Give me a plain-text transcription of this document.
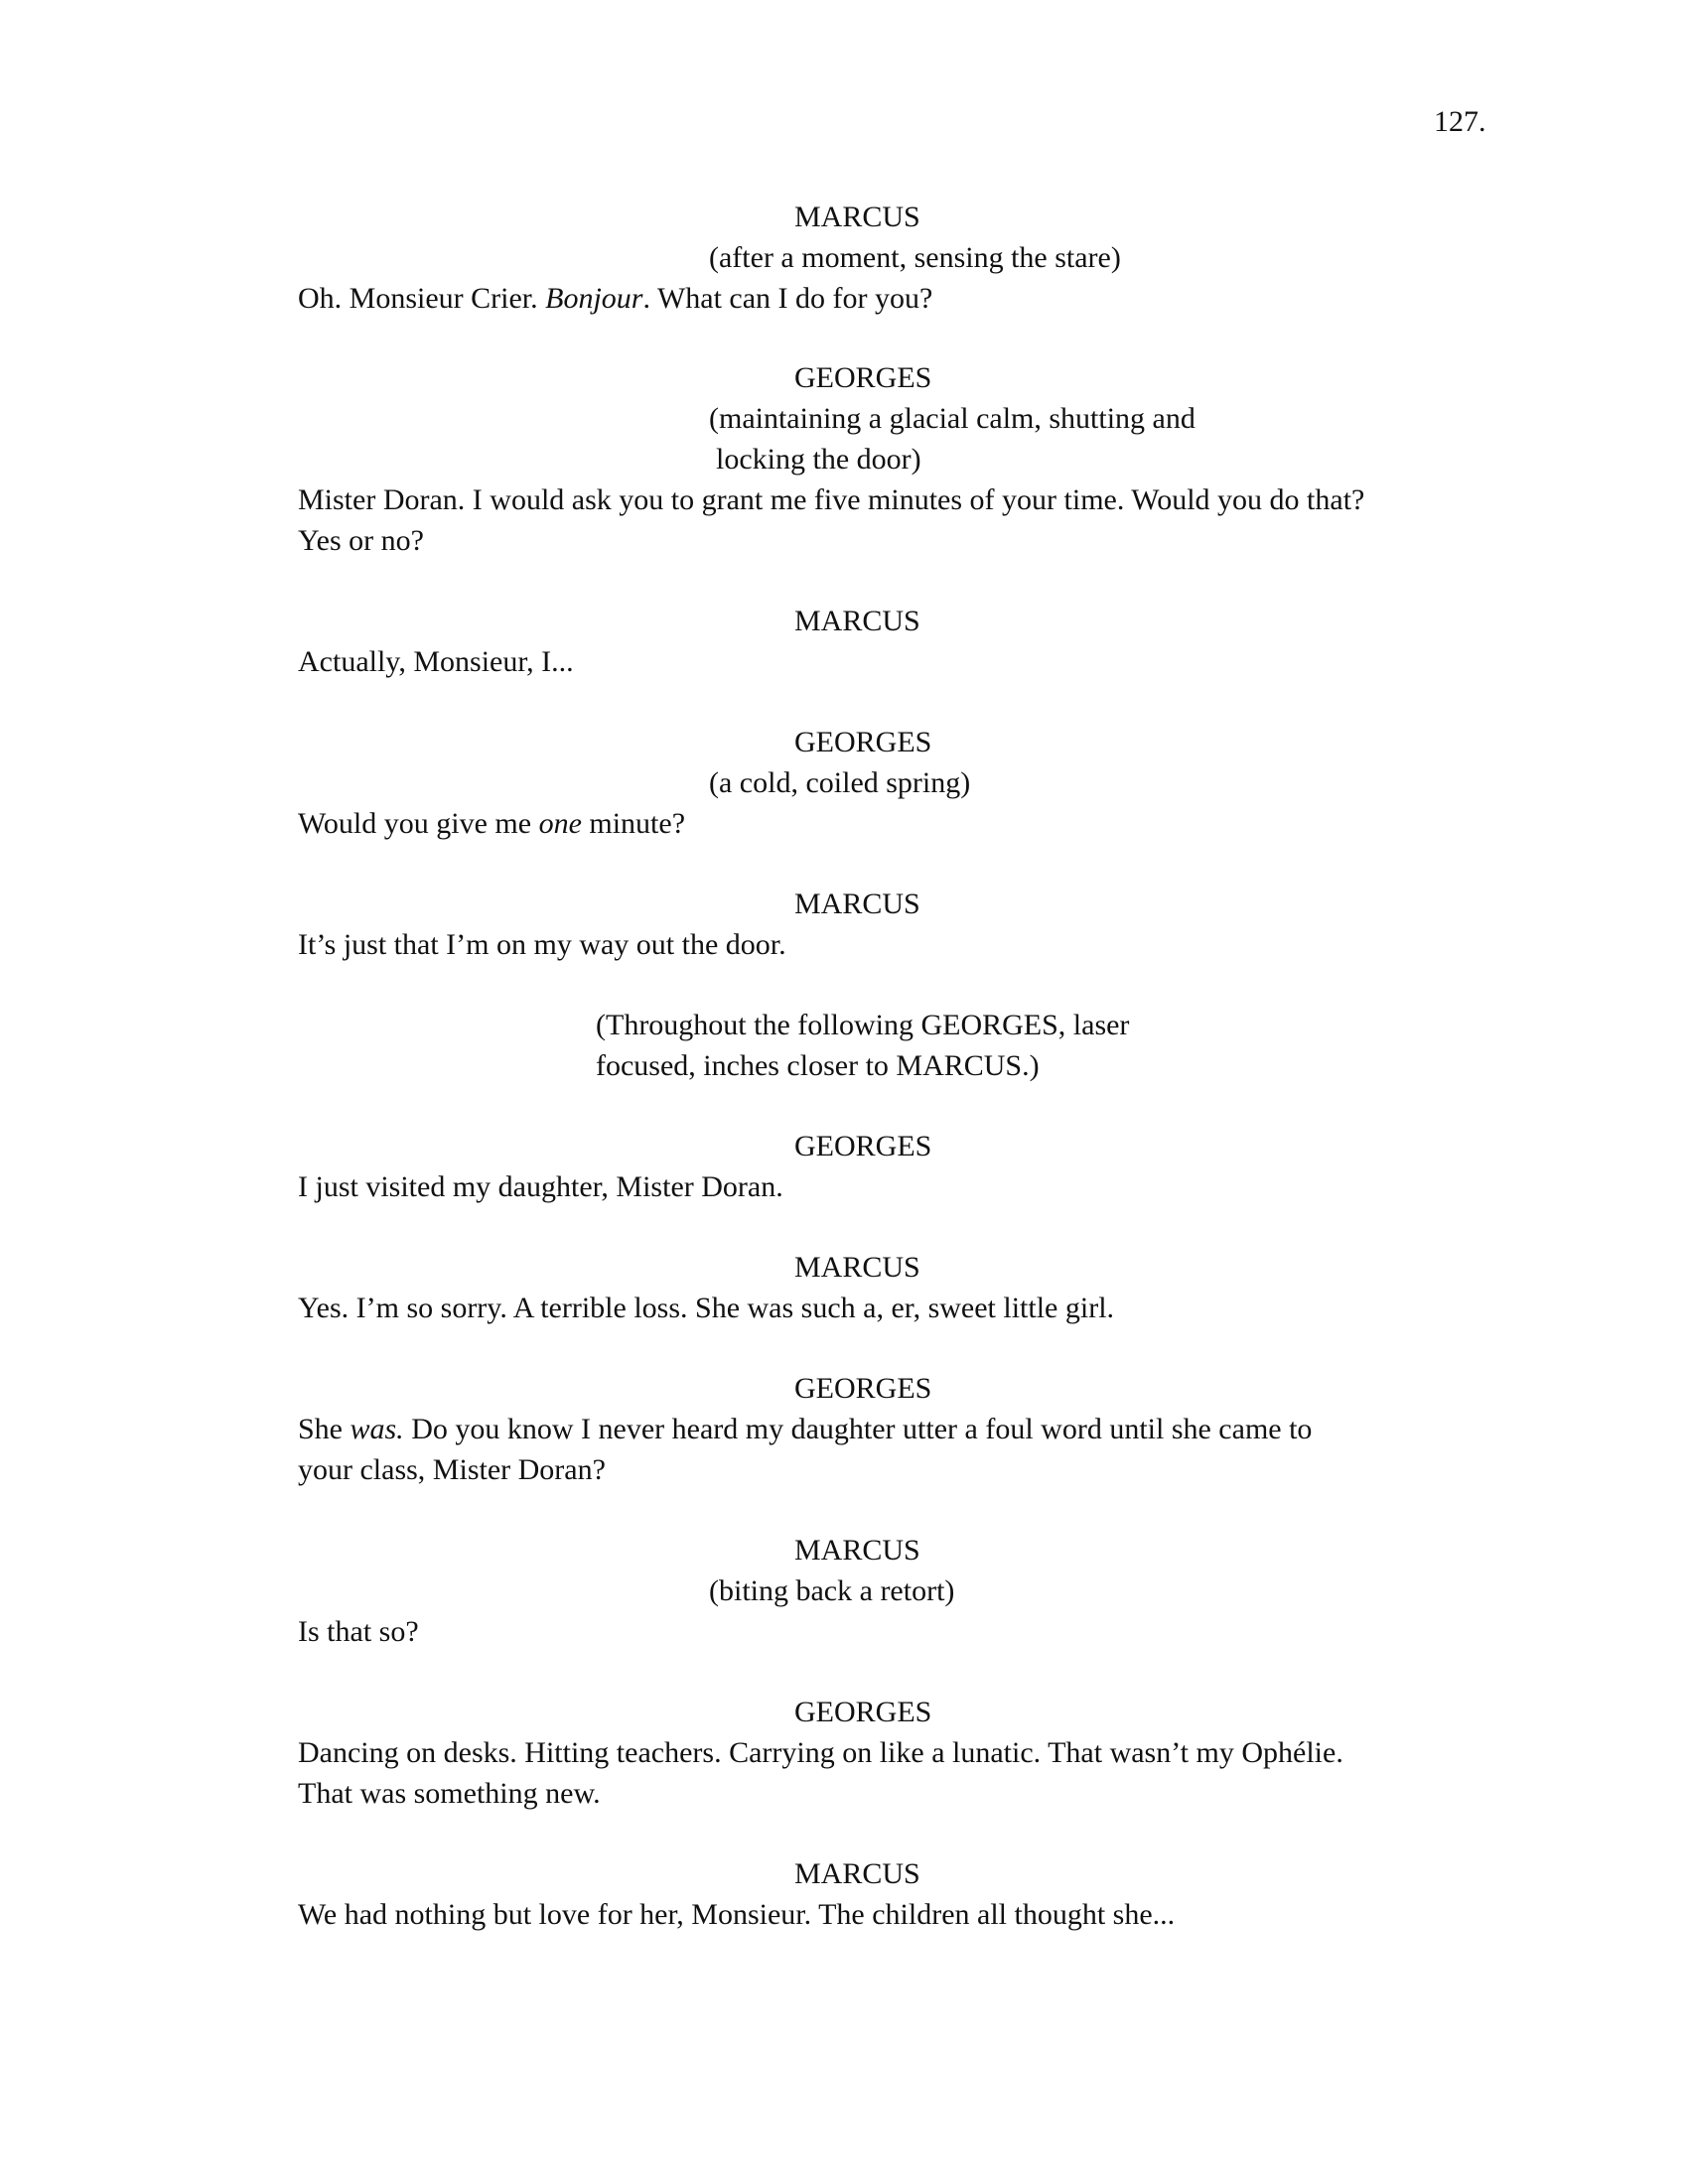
127.

MARCUS

(after a moment, sensing the stare)

Oh. Monsieur Crier. Bonjour. What can I do for you?

GEORGES

(maintaining a glacial calm, shutting and

locking the door)

Mister Doran. I would ask you to grant me five minutes of your time. Would you do that?

Yes or no?

MARCUS

Actually, Monsieur, I...

GEORGES

(a cold, coiled spring)

Would you give me one minute?

MARCUS

It’s just that I’m on my way out the door.

(Throughout the following GEORGES, laser

focused, inches closer to MARCUS.)

GEORGES

I just visited my daughter, Mister Doran.

MARCUS

Yes. I’m so sorry. A terrible loss. She was such a, er, sweet little girl.

GEORGES

She was. Do you know I never heard my daughter utter a foul word until she came to

your class, Mister Doran?

MARCUS

(biting back a retort)

Is that so?

GEORGES

Dancing on desks. Hitting teachers. Carrying on like a lunatic. That wasn’t my Ophélie.

That was something new.

MARCUS

We had nothing but love for her, Monsieur. The children all thought she...
